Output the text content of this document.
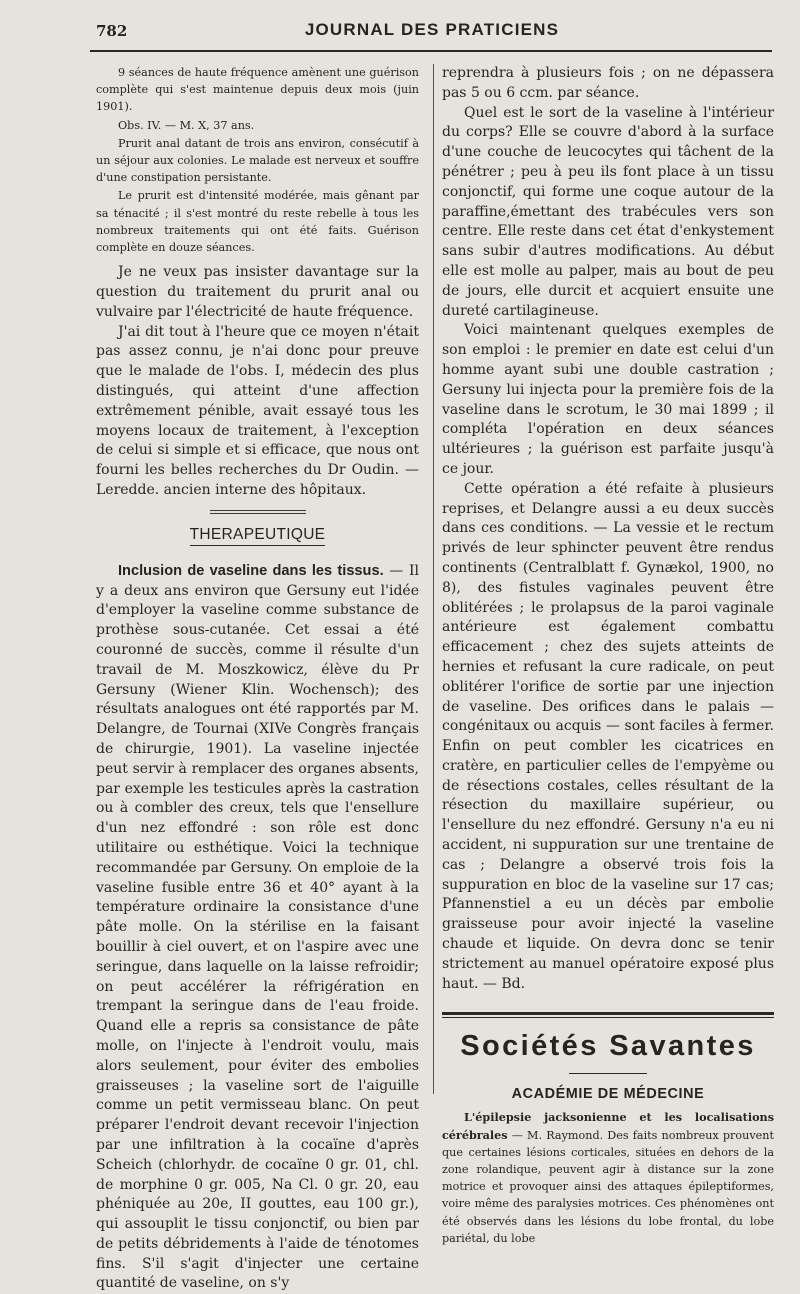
782	JOURNAL DES PRATICIENS

9 séances de haute fréquence amènent une guérison complète qui s'est maintenue depuis deux mois (juin 1901).

Obs. IV. — M. X, 37 ans.

Prurit anal datant de trois ans environ, consécutif à un séjour aux colonies. Le malade est nerveux et souffre d'une constipation persistante.

Le prurit est d'intensité modérée, mais gênant par sa ténacité ; il s'est montré du reste rebelle à tous les nombreux traitements qui ont été faits. Guérison complète en douze séances.

Je ne veux pas insister davantage sur la question du traitement du prurit anal ou vulvaire par l'électricité de haute fréquence.

J'ai dit tout à l'heure que ce moyen n'était pas assez connu, je n'ai donc pour preuve que le malade de l'obs. I, médecin des plus distingués, qui atteint d'une affection extrêmement pénible, avait essayé tous les moyens locaux de traitement, à l'exception de celui si simple et si efficace, que nous ont fourni les belles recherches du Dr Oudin. — Leredde. ancien interne des hôpitaux.

THERAPEUTIQUE

Inclusion de vaseline dans les tissus. — Il y a deux ans environ que Gersuny eut l'idée d'employer la vaseline comme substance de prothèse sous-cutanée. Cet essai a été couronné de succès, comme il résulte d'un travail de M. Moszkowicz, élève du Pr Gersuny (Wiener Klin. Wochensch); des résultats analogues ont été rapportés par M. Delangre, de Tournai (XIVe Congrès français de chirurgie, 1901). La vaseline injectée peut servir à remplacer des organes absents, par exemple les testicules après la castration ou à combler des creux, tels que l'ensellure d'un nez effondré : son rôle est donc utilitaire ou esthétique. Voici la technique recommandée par Gersuny. On emploie de la vaseline fusible entre 36 et 40° ayant à la température ordinaire la consistance d'une pâte molle. On la stérilise en la faisant bouillir à ciel ouvert, et on l'aspire avec une seringue, dans laquelle on la laisse refroidir; on peut accélérer la réfrigération en trempant la seringue dans de l'eau froide. Quand elle a repris sa consistance de pâte molle, on l'injecte à l'endroit voulu, mais alors seulement, pour éviter des embolies graisseuses ; la vaseline sort de l'aiguille comme un petit vermisseau blanc. On peut préparer l'endroit devant recevoir l'injection par une infiltration à la cocaïne d'après Scheich (chlorhydr. de cocaïne 0 gr. 01, chl. de morphine 0 gr. 005, Na Cl. 0 gr. 20, eau phéniquée au 20e, II gouttes, eau 100 gr.), qui assouplit le tissu conjonctif, ou bien par de petits débridements à l'aide de ténotomes fins. S'il s'agit d'injecter une certaine quantité de vaseline, on s'y

reprendra à plusieurs fois ; on ne dépassera pas 5 ou 6 ccm. par séance.

Quel est le sort de la vaseline à l'intérieur du corps? Elle se couvre d'abord à la surface d'une couche de leucocytes qui tâchent de la pénétrer ; peu à peu ils font place à un tissu conjonctif, qui forme une coque autour de la paraffine,émettant des trabécules vers son centre. Elle reste dans cet état d'enkystement sans subir d'autres modifications. Au début elle est molle au palper, mais au bout de peu de jours, elle durcit et acquiert ensuite une dureté cartilagineuse.

Voici maintenant quelques exemples de son emploi : le premier en date est celui d'un homme ayant subi une double castration ; Gersuny lui injecta pour la première fois de la vaseline dans le scrotum, le 30 mai 1899 ; il compléta l'opération en deux séances ultérieures ; la guérison est parfaite jusqu'à ce jour.

Cette opération a été refaite à plusieurs reprises, et Delangre aussi a eu deux succès dans ces conditions. — La vessie et le rectum privés de leur sphincter peuvent être rendus continents (Centralblatt f. Gynækol, 1900, no 8), des fistules vaginales peuvent être oblitérées ; le prolapsus de la paroi vaginale antérieure est également combattu efficacement ; chez des sujets atteints de hernies et refusant la cure radicale, on peut oblitérer l'orifice de sortie par une injection de vaseline. Des orifices dans le palais — congénitaux ou acquis — sont faciles à fermer. Enfin on peut combler les cicatrices en cratère, en particulier celles de l'empyème ou de résections costales, celles résultant de la résection du maxillaire supérieur, ou l'ensellure du nez effondré. Gersuny n'a eu ni accident, ni suppuration sur une trentaine de cas ; Delangre a observé trois fois la suppuration en bloc de la vaseline sur 17 cas; Pfannenstiel a eu un décès par embolie graisseuse pour avoir injecté la vaseline chaude et liquide. On devra donc se tenir strictement au manuel opératoire exposé plus haut. — Bd.

Sociétés Savantes
ACADÉMIE DE MÉDECINE

L'épilepsie jacksonienne et les localisations cérébrales — M. Raymond. Des faits nombreux prouvent que certaines lésions corticales, situées en dehors de la zone rolandique, peuvent agir à distance sur la zone motrice et provoquer ainsi des attaques épileptiformes, voire même des paralysies motrices. Ces phénomènes ont été observés dans les lésions du lobe frontal, du lobe pariétal, du lobe
